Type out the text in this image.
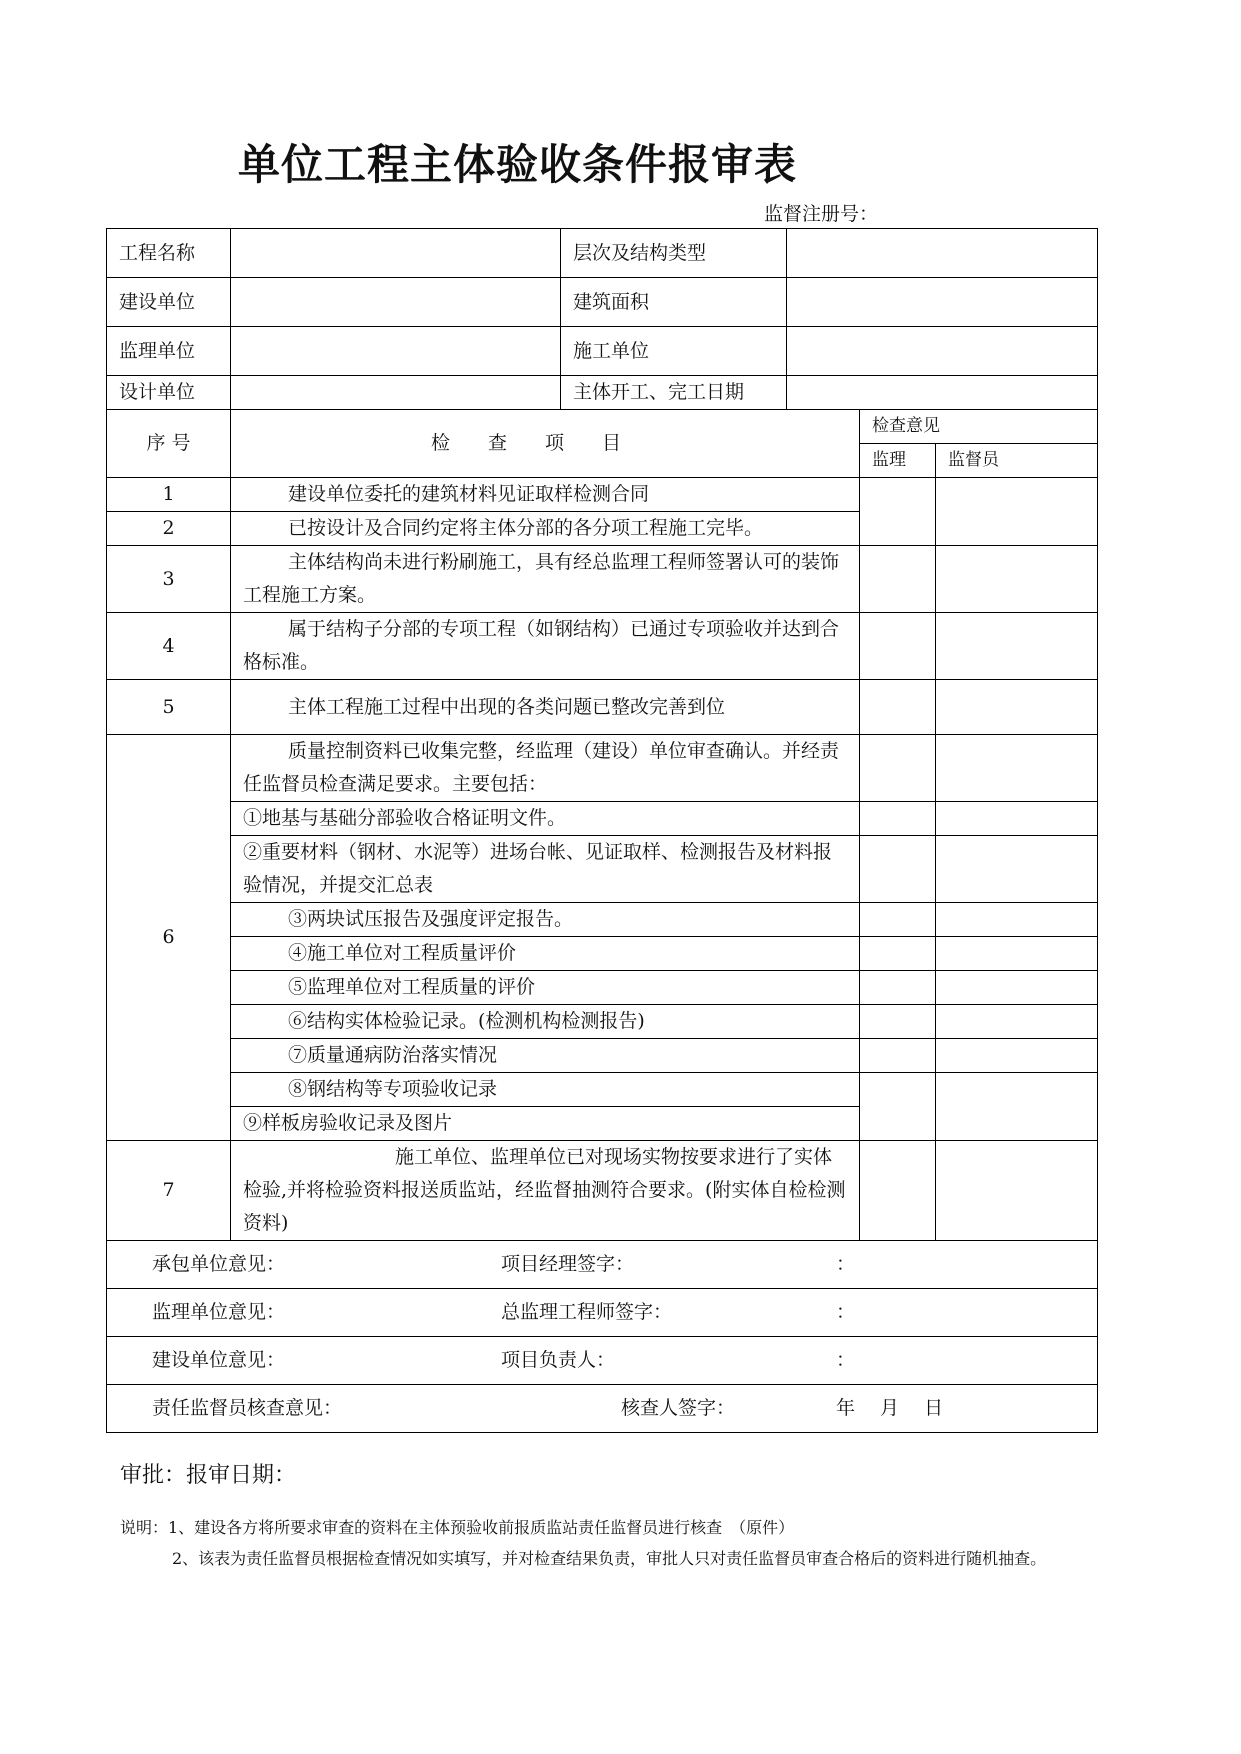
单位工程主体验收条件报审表
监督注册号：
工程名称		层次及结构类型			
建设单位		建筑面积			
监理单位		施工单位			
设计单位		主体开工、完工日期			
序 号	检查项目			检查意见	
				监理	监督员
1	建设单位委托的建筑材料见证取样检测合同				
2	已按设计及合同约定将主体分部的各分项工程施工完毕。				
3	主体结构尚未进行粉刷施工，具有经总监理工程师签署认可的装饰工程施工方案。				
4	属于结构子分部的专项工程（如钢结构）已通过专项验收并达到合格标准。				
5	主体工程施工过程中出现的各类问题已整改完善到位				
6	质量控制资料已收集完整，经监理（建设）单位审查确认。并经责任监督员检查满足要求。主要包括：				
	①地基与基础分部验收合格证明文件。				
	②重要材料（钢材、水泥等）进场台帐、见证取样、检测报告及材料报验情况，并提交汇总表				
	③两块试压报告及强度评定报告。				
	④施工单位对工程质量评价				
	⑤监理单位对工程质量的评价				
	⑥结构实体检验记录。(检测机构检测报告)				
	⑦质量通病防治落实情况				
	⑧钢结构等专项验收记录				
	⑨样板房验收记录及图片				
7	施工单位、监理单位已对现场实物按要求进行了实体检验,并将检验资料报送质监站，经监督抽测符合要求。(附实体自检检测资料)				
承包单位意见： 项目经理签字： ：					
监理单位意见： 总监理工程师签字： ：					
建设单位意见： 项目负责人： ：					
责任监督员核查意见： 核查人签字： 年　 月　 日					
审批：报审日期：

说明：1、建设各方将所要求审查的资料在主体预验收前报质监站责任监督员进行核查　（原件）

2、该表为责任监督员根据检查情况如实填写，并对检查结果负责，审批人只对责任监督员审查合格后的资料进行随机抽查。
